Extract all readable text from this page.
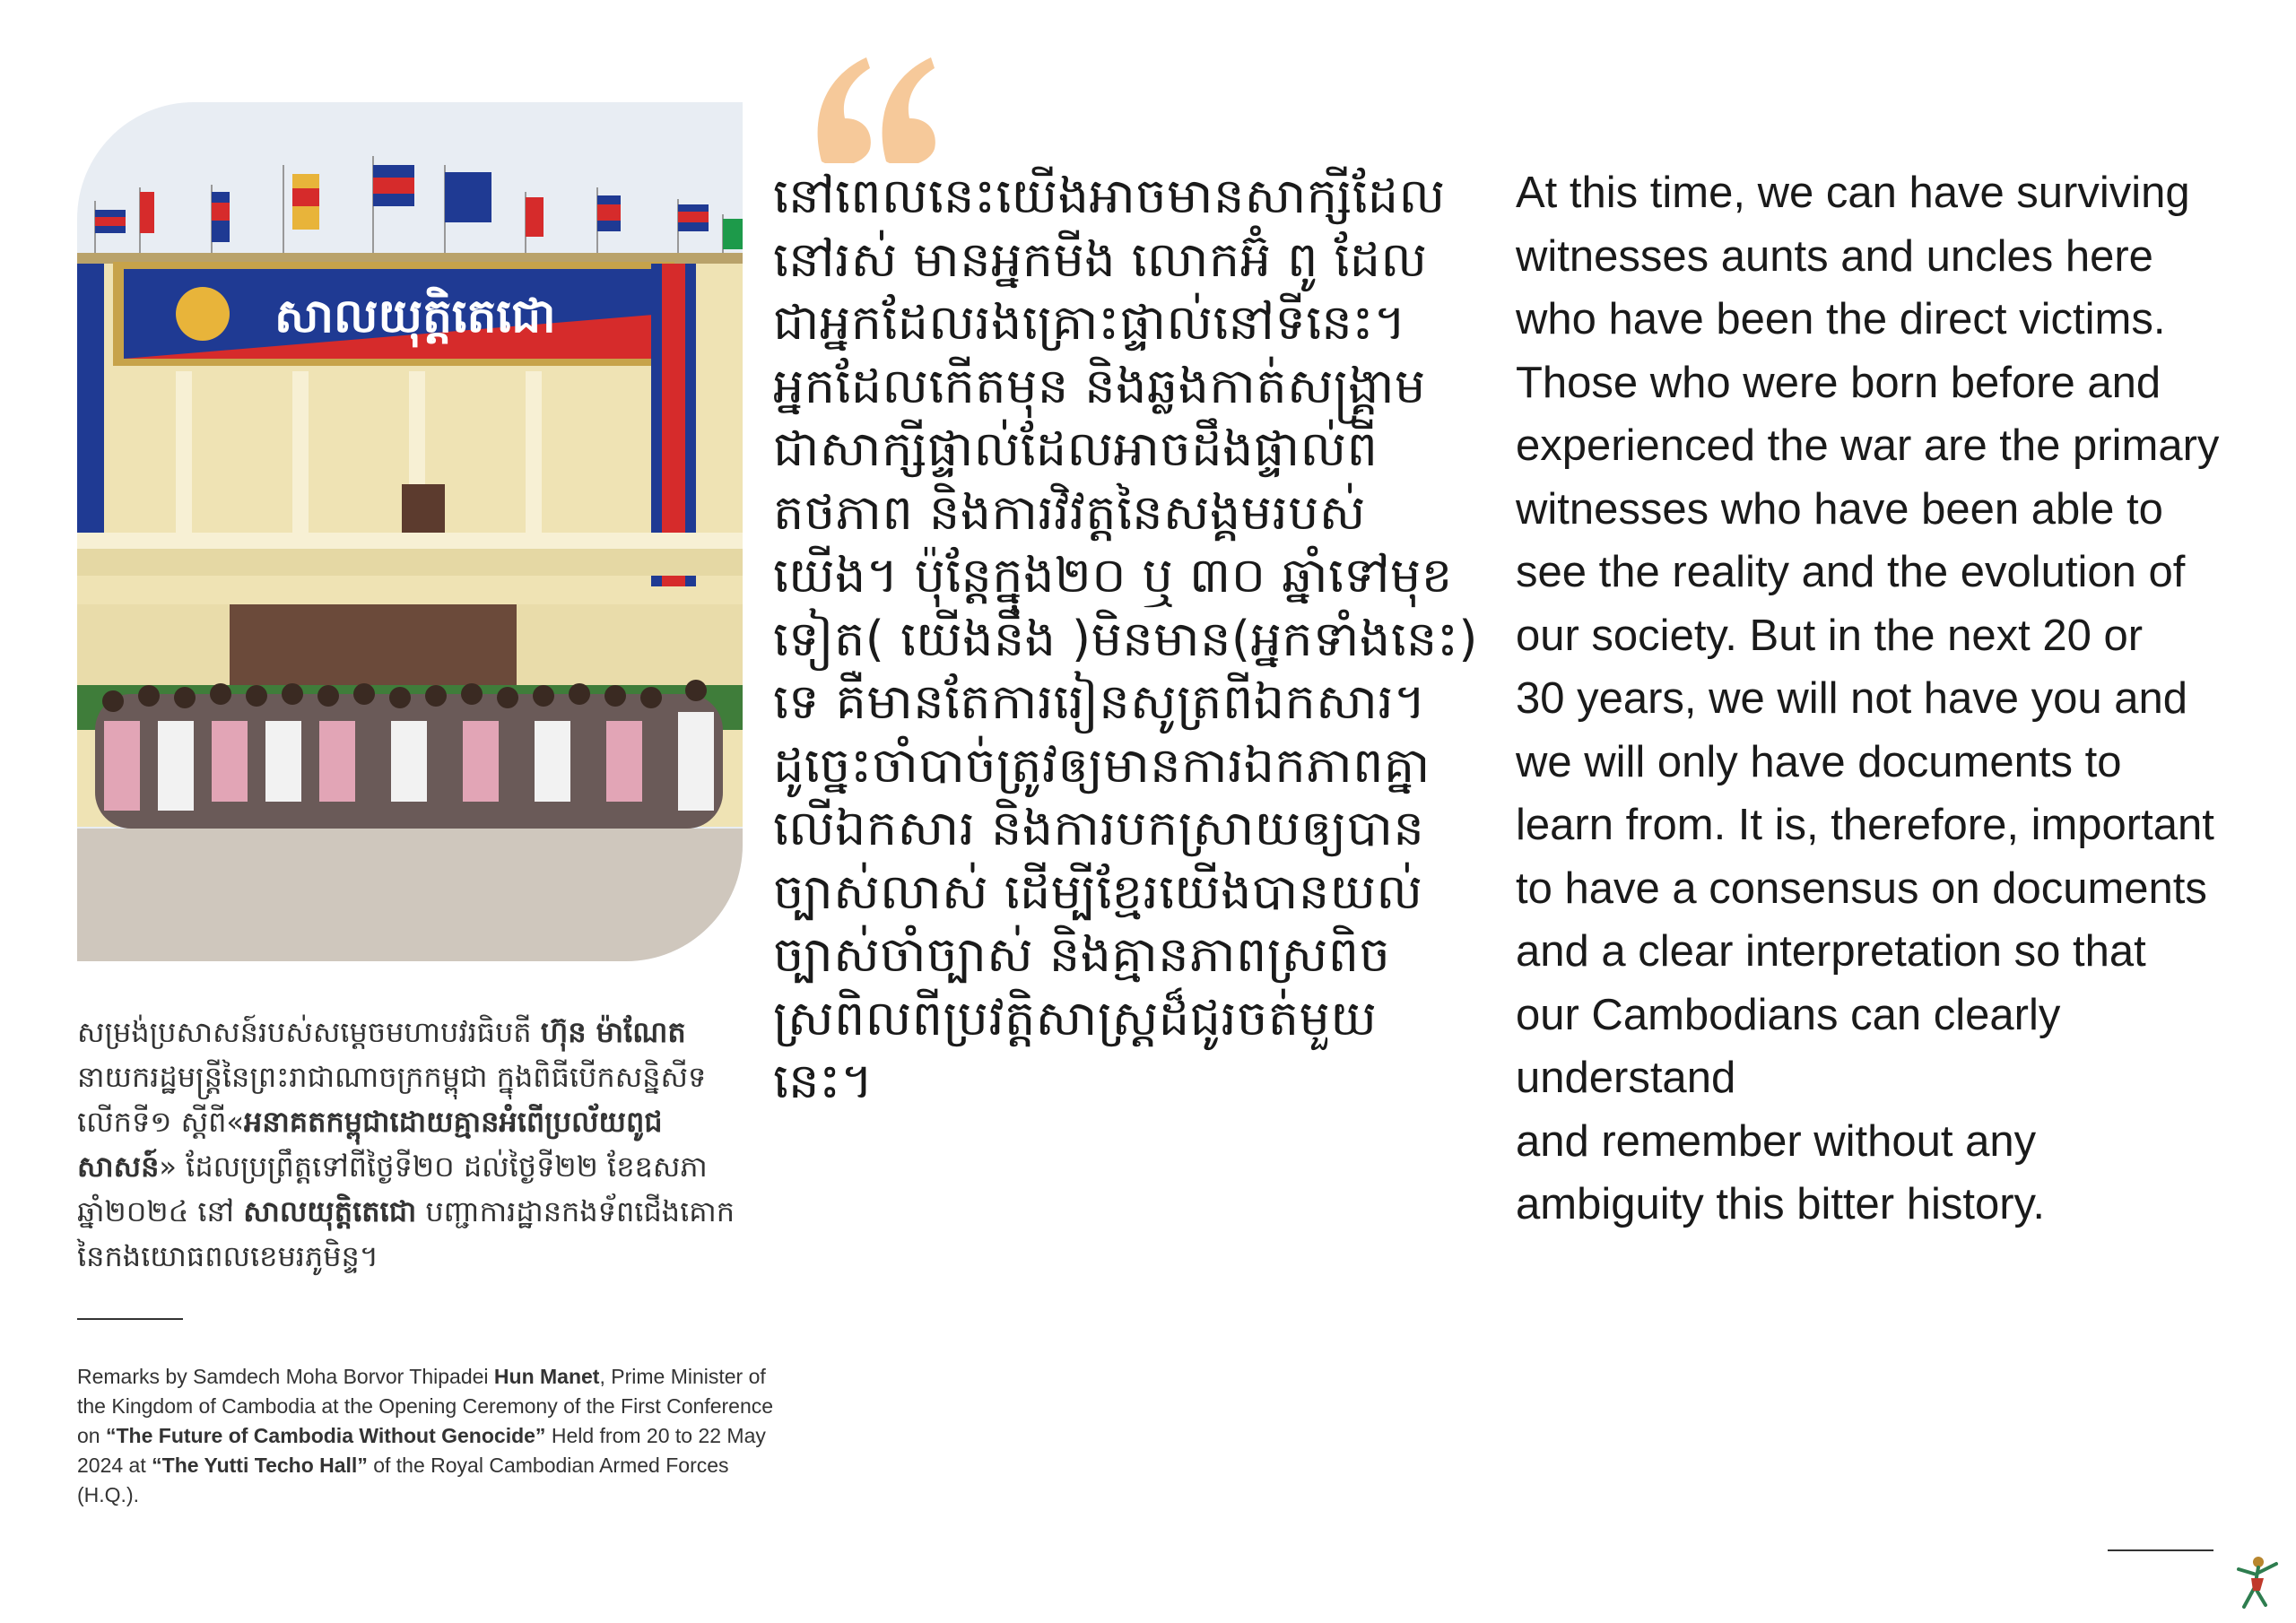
សាលយុត្តិតេជោ
សម្រង់ប្រសាសន៍របស់សម្ដេចមហាបវរធិបតី ហ៊ុន ម៉ាណែត នាយករដ្ឋមន្ត្រីនៃព្រះរាជាណាចក្រកម្ពុជា ក្នុងពិធីបើកសន្និសីទលើកទី១ ស្ដីពី«អនាគតកម្ពុជាដោយគ្មានអំពើប្រល័យពូជសាសន៍» ដែលប្រព្រឹត្តទៅពីថ្ងៃទី២០ ដល់ថ្ងៃទី២២ ខែឧសភា ឆ្នាំ២០២៤ នៅ សាលយុត្តិតេជោ បញ្ជាការដ្ឋានកងទ័ពជើងគោកនៃកងយោធពលខេមរភូមិន្ទ។
Remarks by Samdech Moha Borvor Thipadei Hun Manet, Prime Minister of the Kingdom of Cambodia at the Opening Ceremony of the First Conference on “The Future of Cambodia Without Genocide” Held from 20 to 22 May 2024 at “The Yutti Techo Hall” of the Royal Cambodian Armed Forces (H.Q.).
នៅពេលនេះយើងអាចមានសាក្សីដែល
នៅរស់ មានអ្នកមីង លោកអ៊ំ ពូ ដែល
ជាអ្នកដែលរងគ្រោះផ្ទាល់នៅទីនេះ។
អ្នកដែលកើតមុន និងឆ្លងកាត់សង្គ្រាម
ជាសាក្សីផ្ទាល់ដែលអាចដឹងផ្ទាល់ពី
តថភាព និងការវិវត្តនៃសង្គមរបស់
យើង។ ប៉ុន្តែក្នុង២០ ឬ ៣០ ឆ្នាំទៅមុខ
ទៀត( យើងនឹង )មិនមាន(អ្នកទាំងនេះ)
ទេ គឺមានតែការរៀនសូត្រពីឯកសារ។
ដូច្នេះចាំបាច់ត្រូវឲ្យមានការឯកភាពគ្នា
លើឯកសារ និងការបកស្រាយឲ្យបាន
ច្បាស់លាស់ ដើម្បីខ្មែរយើងបានយល់
ច្បាស់ចាំច្បាស់ និងគ្មានភាពស្រពិច
ស្រពិលពីប្រវត្តិសាស្ត្រដ៏ជូរចត់មួយ
នេះ។
At this time, we can have surviving
witnesses aunts and uncles here
who have been the direct victims.
Those who were born before and
experienced the war are the primary
witnesses who have been able to
see the reality and the evolution of
our society. But in the next 20 or
30 years, we will not have you and
we will only have documents to
learn from. It is, therefore, important
to have a consensus on documents
and a clear interpretation so that
our Cambodians can clearly understand
and remember without any
ambiguity this bitter history.
